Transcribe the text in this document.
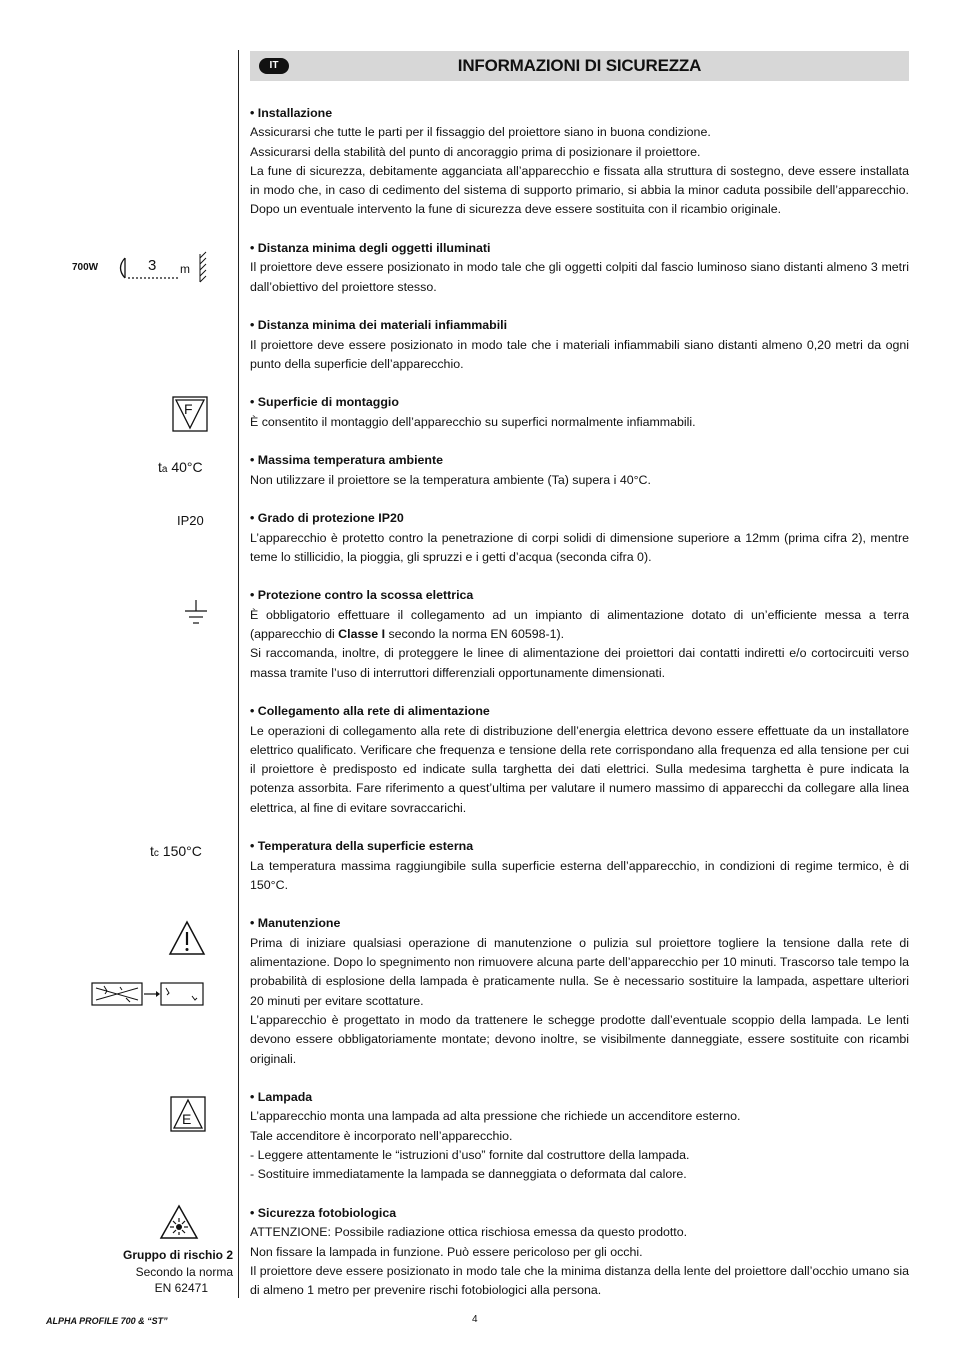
INFORMAZIONI DI SICUREZZA
IT
700W	3 m
F
ta 40°C
IP20
tc 150°C
E
Gruppo di rischio 2
Secondo la norma
EN 62471
• Installazione

Assicurarsi che tutte le parti per il fissaggio del proiettore siano in buona condizione.

Assicurarsi della stabilità del punto di ancoraggio prima di posizionare il proiettore.

La fune di sicurezza, debitamente agganciata all’apparecchio e fissata alla struttura di sostegno, deve essere installata in modo che, in caso di cedimento del sistema di supporto primario, si abbia la minor caduta possibile dell’apparecchio. Dopo un eventuale intervento la fune di sicurezza deve essere sostituita con il ricambio originale.

• Distanza minima degli oggetti illuminati

Il proiettore deve essere posizionato in modo tale che gli oggetti colpiti dal fascio luminoso siano distanti almeno 3 metri dall’obiettivo del proiettore stesso.

• Distanza minima dei materiali infiammabili

Il proiettore deve essere posizionato in modo tale che i materiali infiammabili siano distanti almeno 0,20 metri da ogni punto della superficie dell’apparecchio.

• Superficie di montaggio

È consentito il montaggio dell’apparecchio su superfici normalmente infiammabili.

• Massima temperatura ambiente

Non utilizzare il proiettore se la temperatura ambiente (Ta) supera i 40°C.

• Grado di protezione IP20

L’apparecchio è protetto contro la penetrazione di corpi solidi di dimensione superiore a 12mm (prima cifra 2), mentre teme lo stillicidio, la pioggia, gli spruzzi e i getti d’acqua (seconda cifra 0).

• Protezione contro la scossa elettrica

È obbligatorio effettuare il collegamento ad un impianto di alimentazione dotato di un’efficiente messa a terra (apparecchio di Classe I secondo la norma EN 60598-1).

Si raccomanda, inoltre, di proteggere le linee di alimentazione dei proiettori dai contatti indiretti e/o cortocircuiti verso massa tramite l’uso di interruttori differenziali opportunamente dimensionati.

• Collegamento alla rete di alimentazione

Le operazioni di collegamento alla rete di distribuzione dell’energia elettrica devono essere effettuate da un installatore elettrico qualificato. Verificare che frequenza e tensione della rete corrispondano alla frequenza ed alla tensione per cui il proiettore è predisposto ed indicate sulla targhetta dei dati elettrici. Sulla medesima targhetta è pure indicata la potenza assorbita. Fare riferimento a quest’ultima per valutare il numero massimo di apparecchi da collegare alla linea elettrica, al fine di evitare sovraccarichi.

• Temperatura della superficie esterna

La temperatura massima raggiungibile sulla superficie esterna dell’apparecchio, in condizioni di regime termico, è di 150°C.

• Manutenzione

Prima di iniziare qualsiasi operazione di manutenzione o pulizia sul proiettore togliere la tensione dalla rete di alimentazione. Dopo lo spegnimento non rimuovere alcuna parte dell’apparecchio per 10 minuti. Trascorso tale tempo la probabilità di esplosione della lampada è praticamente nulla. Se è necessario sostituire la lampada, aspettare ulteriori 20 minuti per evitare scottature.

L’apparecchio è progettato in modo da trattenere le schegge prodotte dall’eventuale scoppio della lampada. Le lenti devono essere obbligatoriamente montate; devono inoltre, se visibilmente danneggiate, essere sostituite con ricambi originali.

• Lampada

L’apparecchio monta una lampada ad alta pressione che richiede un accenditore esterno.

Tale accenditore è incorporato nell’apparecchio.

- Leggere attentamente le “istruzioni d’uso” fornite dal costruttore della lampada.

- Sostituire immediatamente la lampada se danneggiata o deformata dal calore.

• Sicurezza fotobiologica

ATTENZIONE: Possibile radiazione ottica rischiosa emessa da questo prodotto.

Non fissare la lampada in funzione. Può essere pericoloso per gli occhi.

Il proiettore deve essere posizionato in modo tale che la minima distanza della lente del proiettore dall’occhio umano sia di almeno 1 metro per prevenire rischi fotobiologici alla persona.

ALPHA PROFILE 700 & “ST”	4
